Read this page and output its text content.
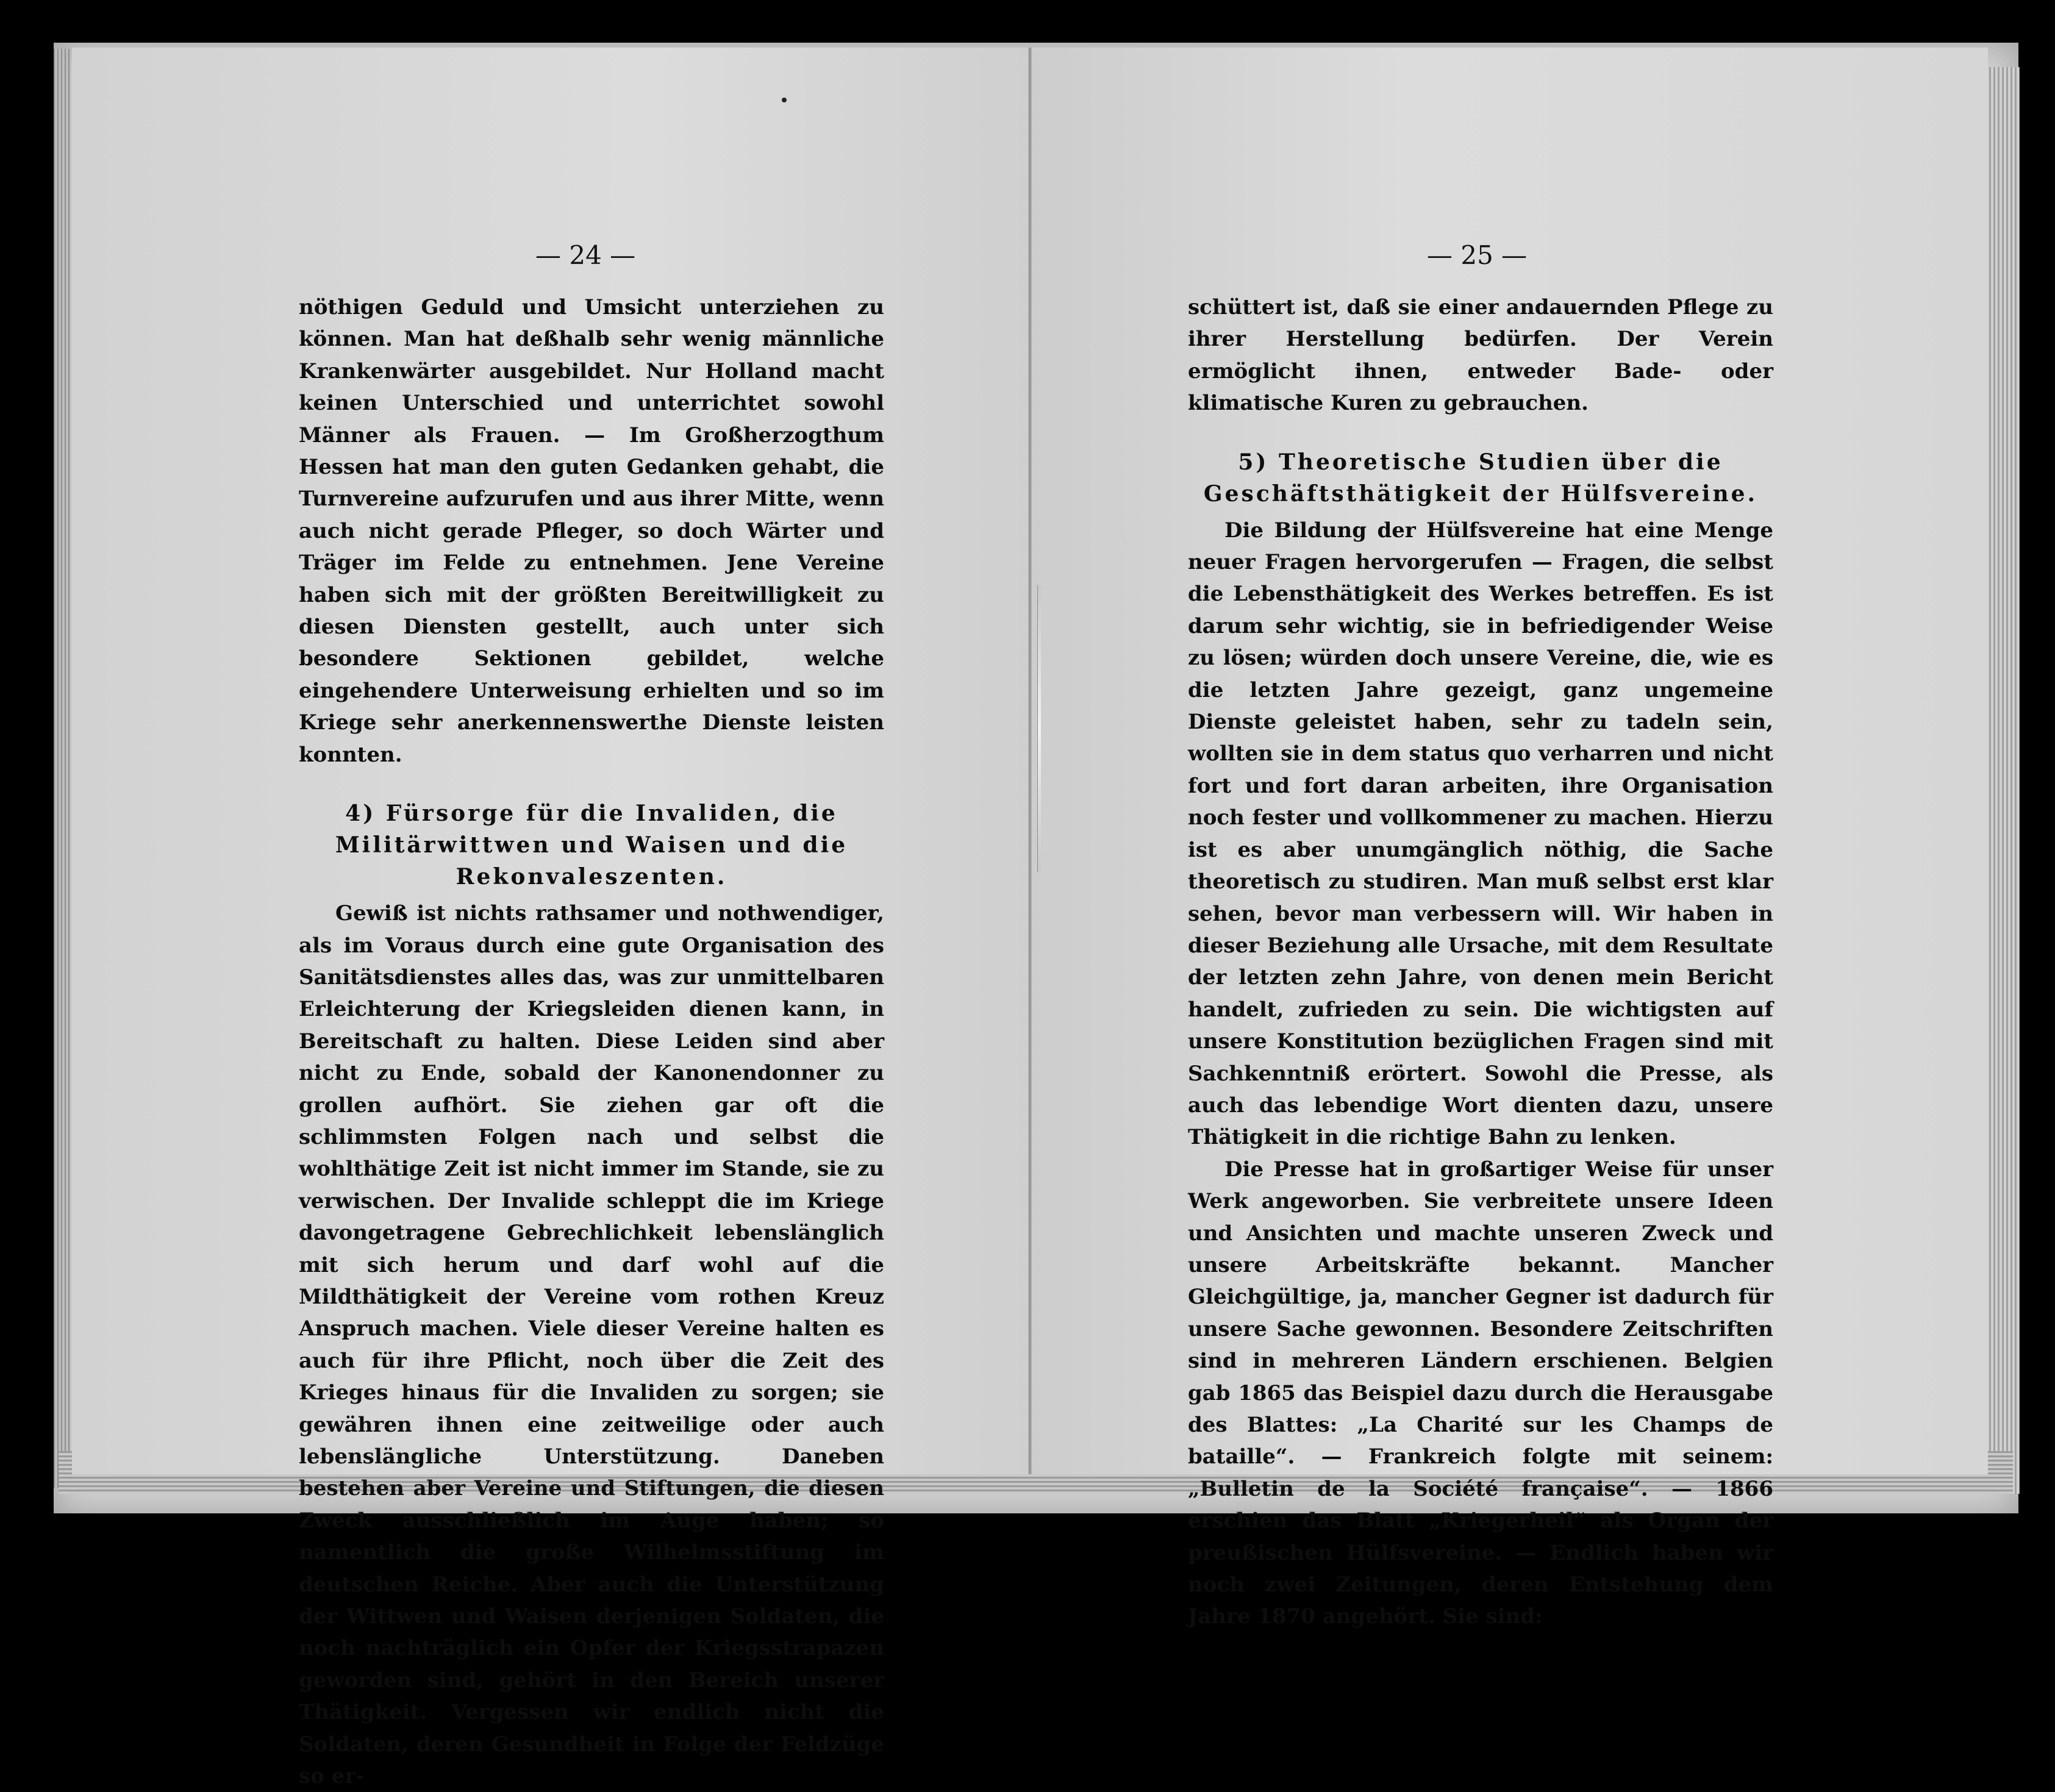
— 24 —

nöthigen Geduld und Umsicht unterziehen zu können. Man hat deßhalb sehr wenig männliche Krankenwärter ausgebildet. Nur Holland macht keinen Unterschied und unterrichtet sowohl Männer als Frauen. — Im Großherzogthum Hessen hat man den guten Gedanken gehabt, die Turnvereine aufzurufen und aus ihrer Mitte, wenn auch nicht gerade Pfleger, so doch Wärter und Träger im Felde zu entnehmen. Jene Vereine haben sich mit der größten Bereitwilligkeit zu diesen Diensten gestellt, auch unter sich besondere Sektionen gebildet, welche eingehendere Unterweisung erhielten und so im Kriege sehr anerkennenswerthe Dienste leisten konnten.

4) Fürsorge für die Invaliden, die Militärwittwen und Waisen und die Rekonvaleszenten.

Gewiß ist nichts rathsamer und nothwendiger, als im Voraus durch eine gute Organisation des Sanitätsdienstes alles das, was zur unmittelbaren Erleichterung der Kriegsleiden dienen kann, in Bereitschaft zu halten. Diese Leiden sind aber nicht zu Ende, sobald der Kanonendonner zu grollen aufhört. Sie ziehen gar oft die schlimmsten Folgen nach und selbst die wohlthätige Zeit ist nicht immer im Stande, sie zu verwischen. Der Invalide schleppt die im Kriege davongetragene Gebrechlichkeit lebenslänglich mit sich herum und darf wohl auf die Mildthätigkeit der Vereine vom rothen Kreuz Anspruch machen. Viele dieser Vereine halten es auch für ihre Pflicht, noch über die Zeit des Krieges hinaus für die Invaliden zu sorgen; sie gewähren ihnen eine zeitweilige oder auch lebenslängliche Unterstützung. Daneben bestehen aber Vereine und Stiftungen, die diesen Zweck ausschließlich im Auge haben; so namentlich die große Wilhelmsstiftung im deutschen Reiche. Aber auch die Unterstützung der Wittwen und Waisen derjenigen Soldaten, die noch nachträglich ein Opfer der Kriegsstrapazen geworden sind, gehört in den Bereich unserer Thätigkeit. Vergessen wir endlich nicht die Soldaten, deren Gesundheit in Folge der Feldzüge so er-

— 25 —

schüttert ist, daß sie einer andauernden Pflege zu ihrer Herstellung bedürfen. Der Verein ermöglicht ihnen, entweder Bade- oder klimatische Kuren zu gebrauchen.

5) Theoretische Studien über die Geschäftsthätigkeit der Hülfsvereine.

Die Bildung der Hülfsvereine hat eine Menge neuer Fragen hervorgerufen — Fragen, die selbst die Lebensthätigkeit des Werkes betreffen. Es ist darum sehr wichtig, sie in befriedigender Weise zu lösen; würden doch unsere Vereine, die, wie es die letzten Jahre gezeigt, ganz ungemeine Dienste geleistet haben, sehr zu tadeln sein, wollten sie in dem status quo verharren und nicht fort und fort daran arbeiten, ihre Organisation noch fester und vollkommener zu machen. Hierzu ist es aber unumgänglich nöthig, die Sache theoretisch zu studiren. Man muß selbst erst klar sehen, bevor man verbessern will. Wir haben in dieser Beziehung alle Ursache, mit dem Resultate der letzten zehn Jahre, von denen mein Bericht handelt, zufrieden zu sein. Die wichtigsten auf unsere Konstitution bezüglichen Fragen sind mit Sachkenntniß erörtert. Sowohl die Presse, als auch das lebendige Wort dienten dazu, unsere Thätigkeit in die richtige Bahn zu lenken.

Die Presse hat in großartiger Weise für unser Werk angeworben. Sie verbreitete unsere Ideen und Ansichten und machte unseren Zweck und unsere Arbeitskräfte bekannt. Mancher Gleichgültige, ja, mancher Gegner ist dadurch für unsere Sache gewonnen. Besondere Zeitschriften sind in mehreren Ländern erschienen. Belgien gab 1865 das Beispiel dazu durch die Herausgabe des Blattes: „La Charité sur les Champs de bataille“. — Frankreich folgte mit seinem: „Bulletin de la Société française“. — 1866 erschien das Blatt „Kriegerheil“ als Organ der preußischen Hülfsvereine. — Endlich haben wir noch zwei Zeitungen, deren Entstehung dem Jahre 1870 angehört. Sie sind:
